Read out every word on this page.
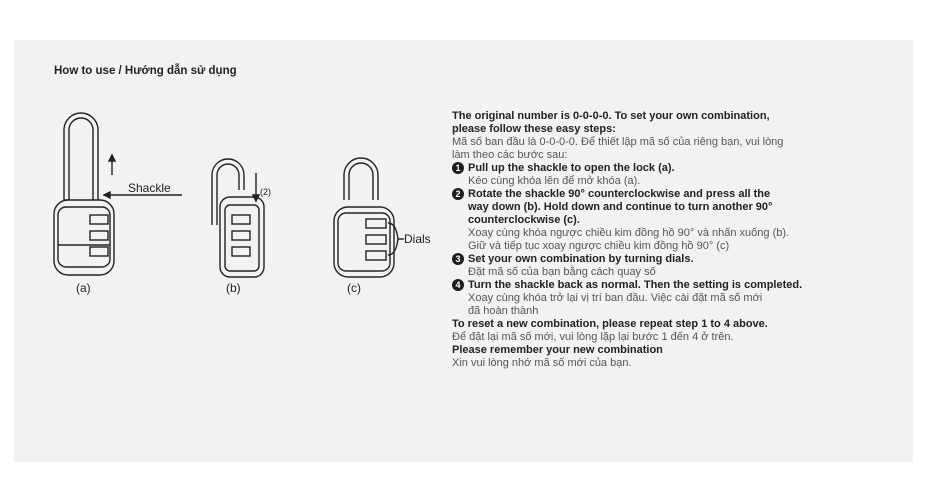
How to use / Hướng dẫn sử dụng
Shackle
(a)
(2)
(b)
Dials
(c)
The original number is 0-0-0-0. To set your own combination,
please follow these easy steps:
Mã số ban đầu là 0-0-0-0. Để thiết lập mã số của riêng bạn, vui lòng
làm theo các bước sau:
1 Pull up the shackle to open the lock (a).
Kéo cùng khóa lên để mở khóa (a).
2 Rotate the shackle 90° counterclockwise and press all the
way down (b). Hold down and continue to turn another 90°
counterclockwise (c).
Xoay cùng khóa ngược chiều kim đồng hồ 90° và nhấn xuống (b).
Giữ và tiếp tục xoay ngược chiều kim đồng hồ 90° (c)
3 Set your own combination by turning dials.
Đặt mã số của bạn bằng cách quay số
4 Turn the shackle back as normal. Then the setting is completed.
Xoay cùng khóa trở lại vị trí ban đầu. Việc cài đặt mã số mới
đã hoàn thành
To reset a new combination, please repeat step 1 to 4 above.
Để đặt lại mã số mới, vui lòng lặp lại bước 1 đến 4 ở trên.
Please remember your new combination
Xin vui lòng nhớ mã số mới của bạn.
